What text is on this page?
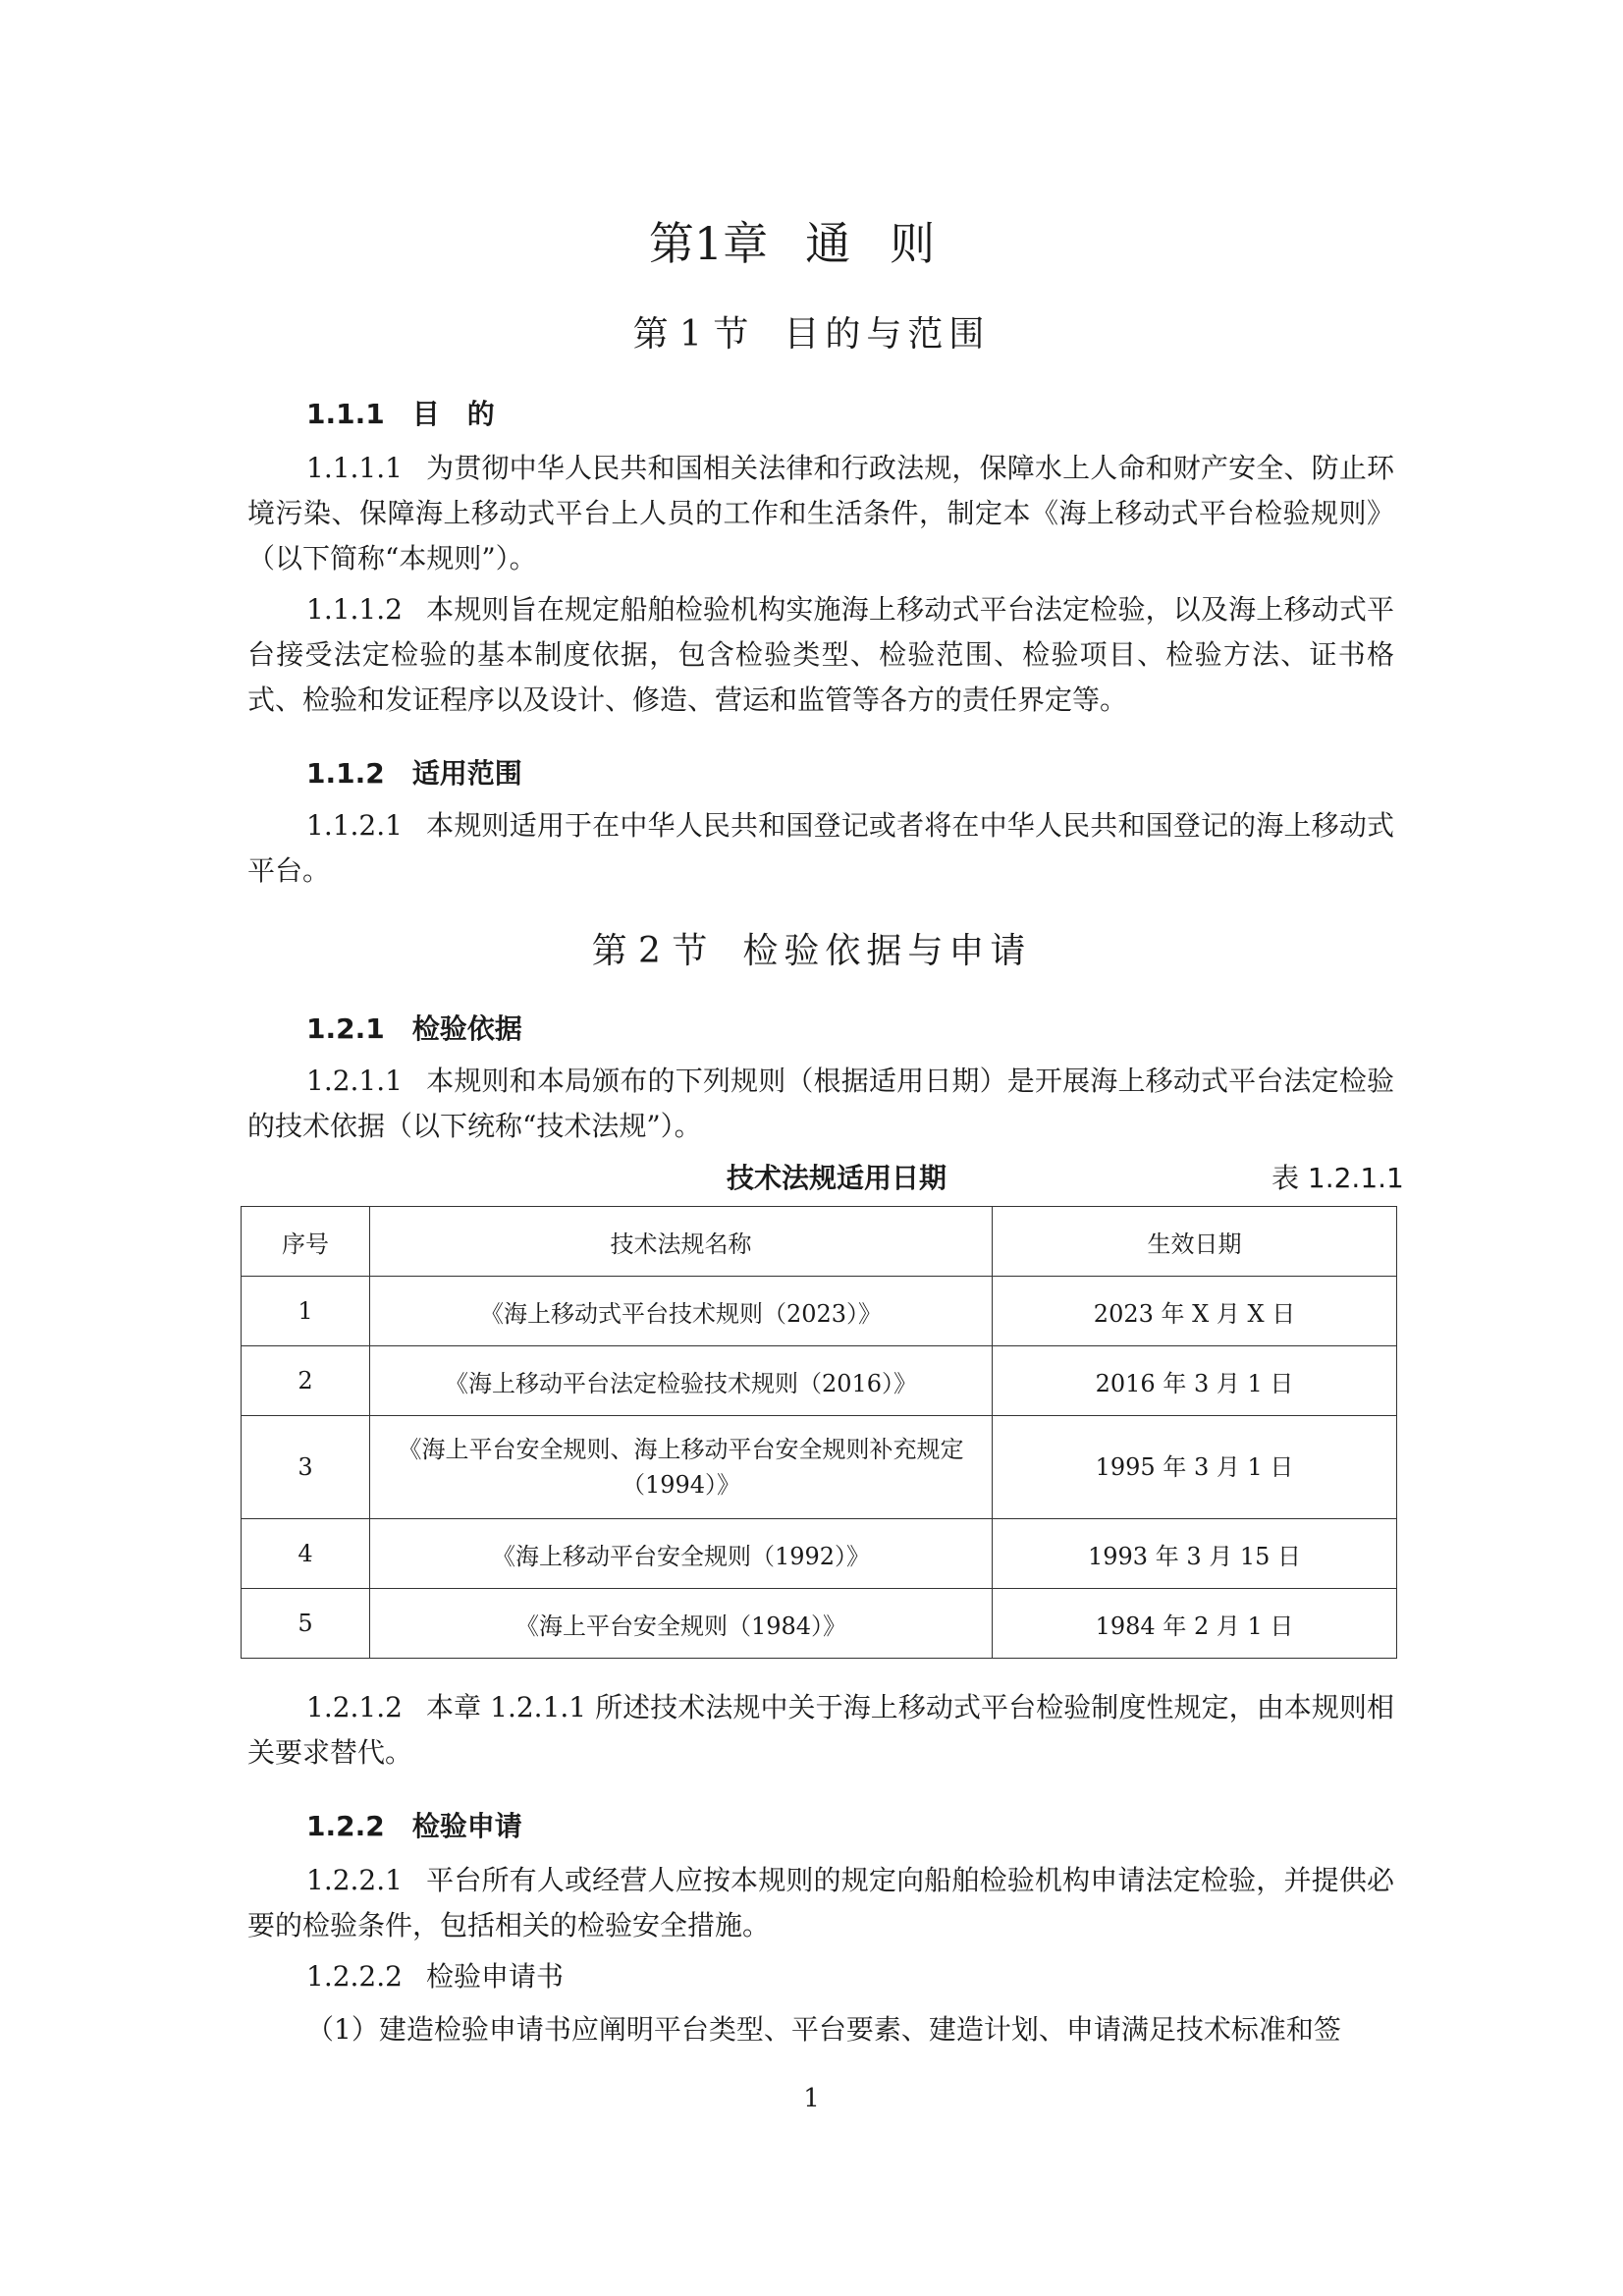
第1章 通则
第 1 节 目的与范围
1.1.1 目　的
1.1.1.1 为贯彻中华人民共和国相关法律和行政法规，保障水上人命和财产安全、防止环境污染、保障海上移动式平台上人员的工作和生活条件，制定本《海上移动式平台检验规则》（以下简称“本规则”）。
1.1.1.2 本规则旨在规定船舶检验机构实施海上移动式平台法定检验，以及海上移动式平台接受法定检验的基本制度依据，包含检验类型、检验范围、检验项目、检验方法、证书格式、检验和发证程序以及设计、修造、营运和监管等各方的责任界定等。
1.1.2 适用范围
1.1.2.1 本规则适用于在中华人民共和国登记或者将在中华人民共和国登记的海上移动式平台。
第 2 节 检验依据与申请
1.2.1 检验依据
1.2.1.1 本规则和本局颁布的下列规则（根据适用日期）是开展海上移动式平台法定检验的技术依据（以下统称“技术法规”）。
技术法规适用日期	表 1.2.1.1
序号	技术法规名称	生效日期
1	《海上移动式平台技术规则（2023）》	2023 年 X 月 X 日
2	《海上移动平台法定检验技术规则（2016）》	2016 年 3 月 1 日
3	《海上平台安全规则、海上移动平台安全规则补充规定（1994）》	1995 年 3 月 1 日
4	《海上移动平台安全规则（1992）》	1993 年 3 月 15 日
5	《海上平台安全规则（1984）》	1984 年 2 月 1 日
1.2.1.2 本章 1.2.1.1 所述技术法规中关于海上移动式平台检验制度性规定，由本规则相关要求替代。
1.2.2 检验申请
1.2.2.1 平台所有人或经营人应按本规则的规定向船舶检验机构申请法定检验，并提供必要的检验条件，包括相关的检验安全措施。
1.2.2.2 检验申请书
（1）建造检验申请书应阐明平台类型、平台要素、建造计划、申请满足技术标准和签
1
